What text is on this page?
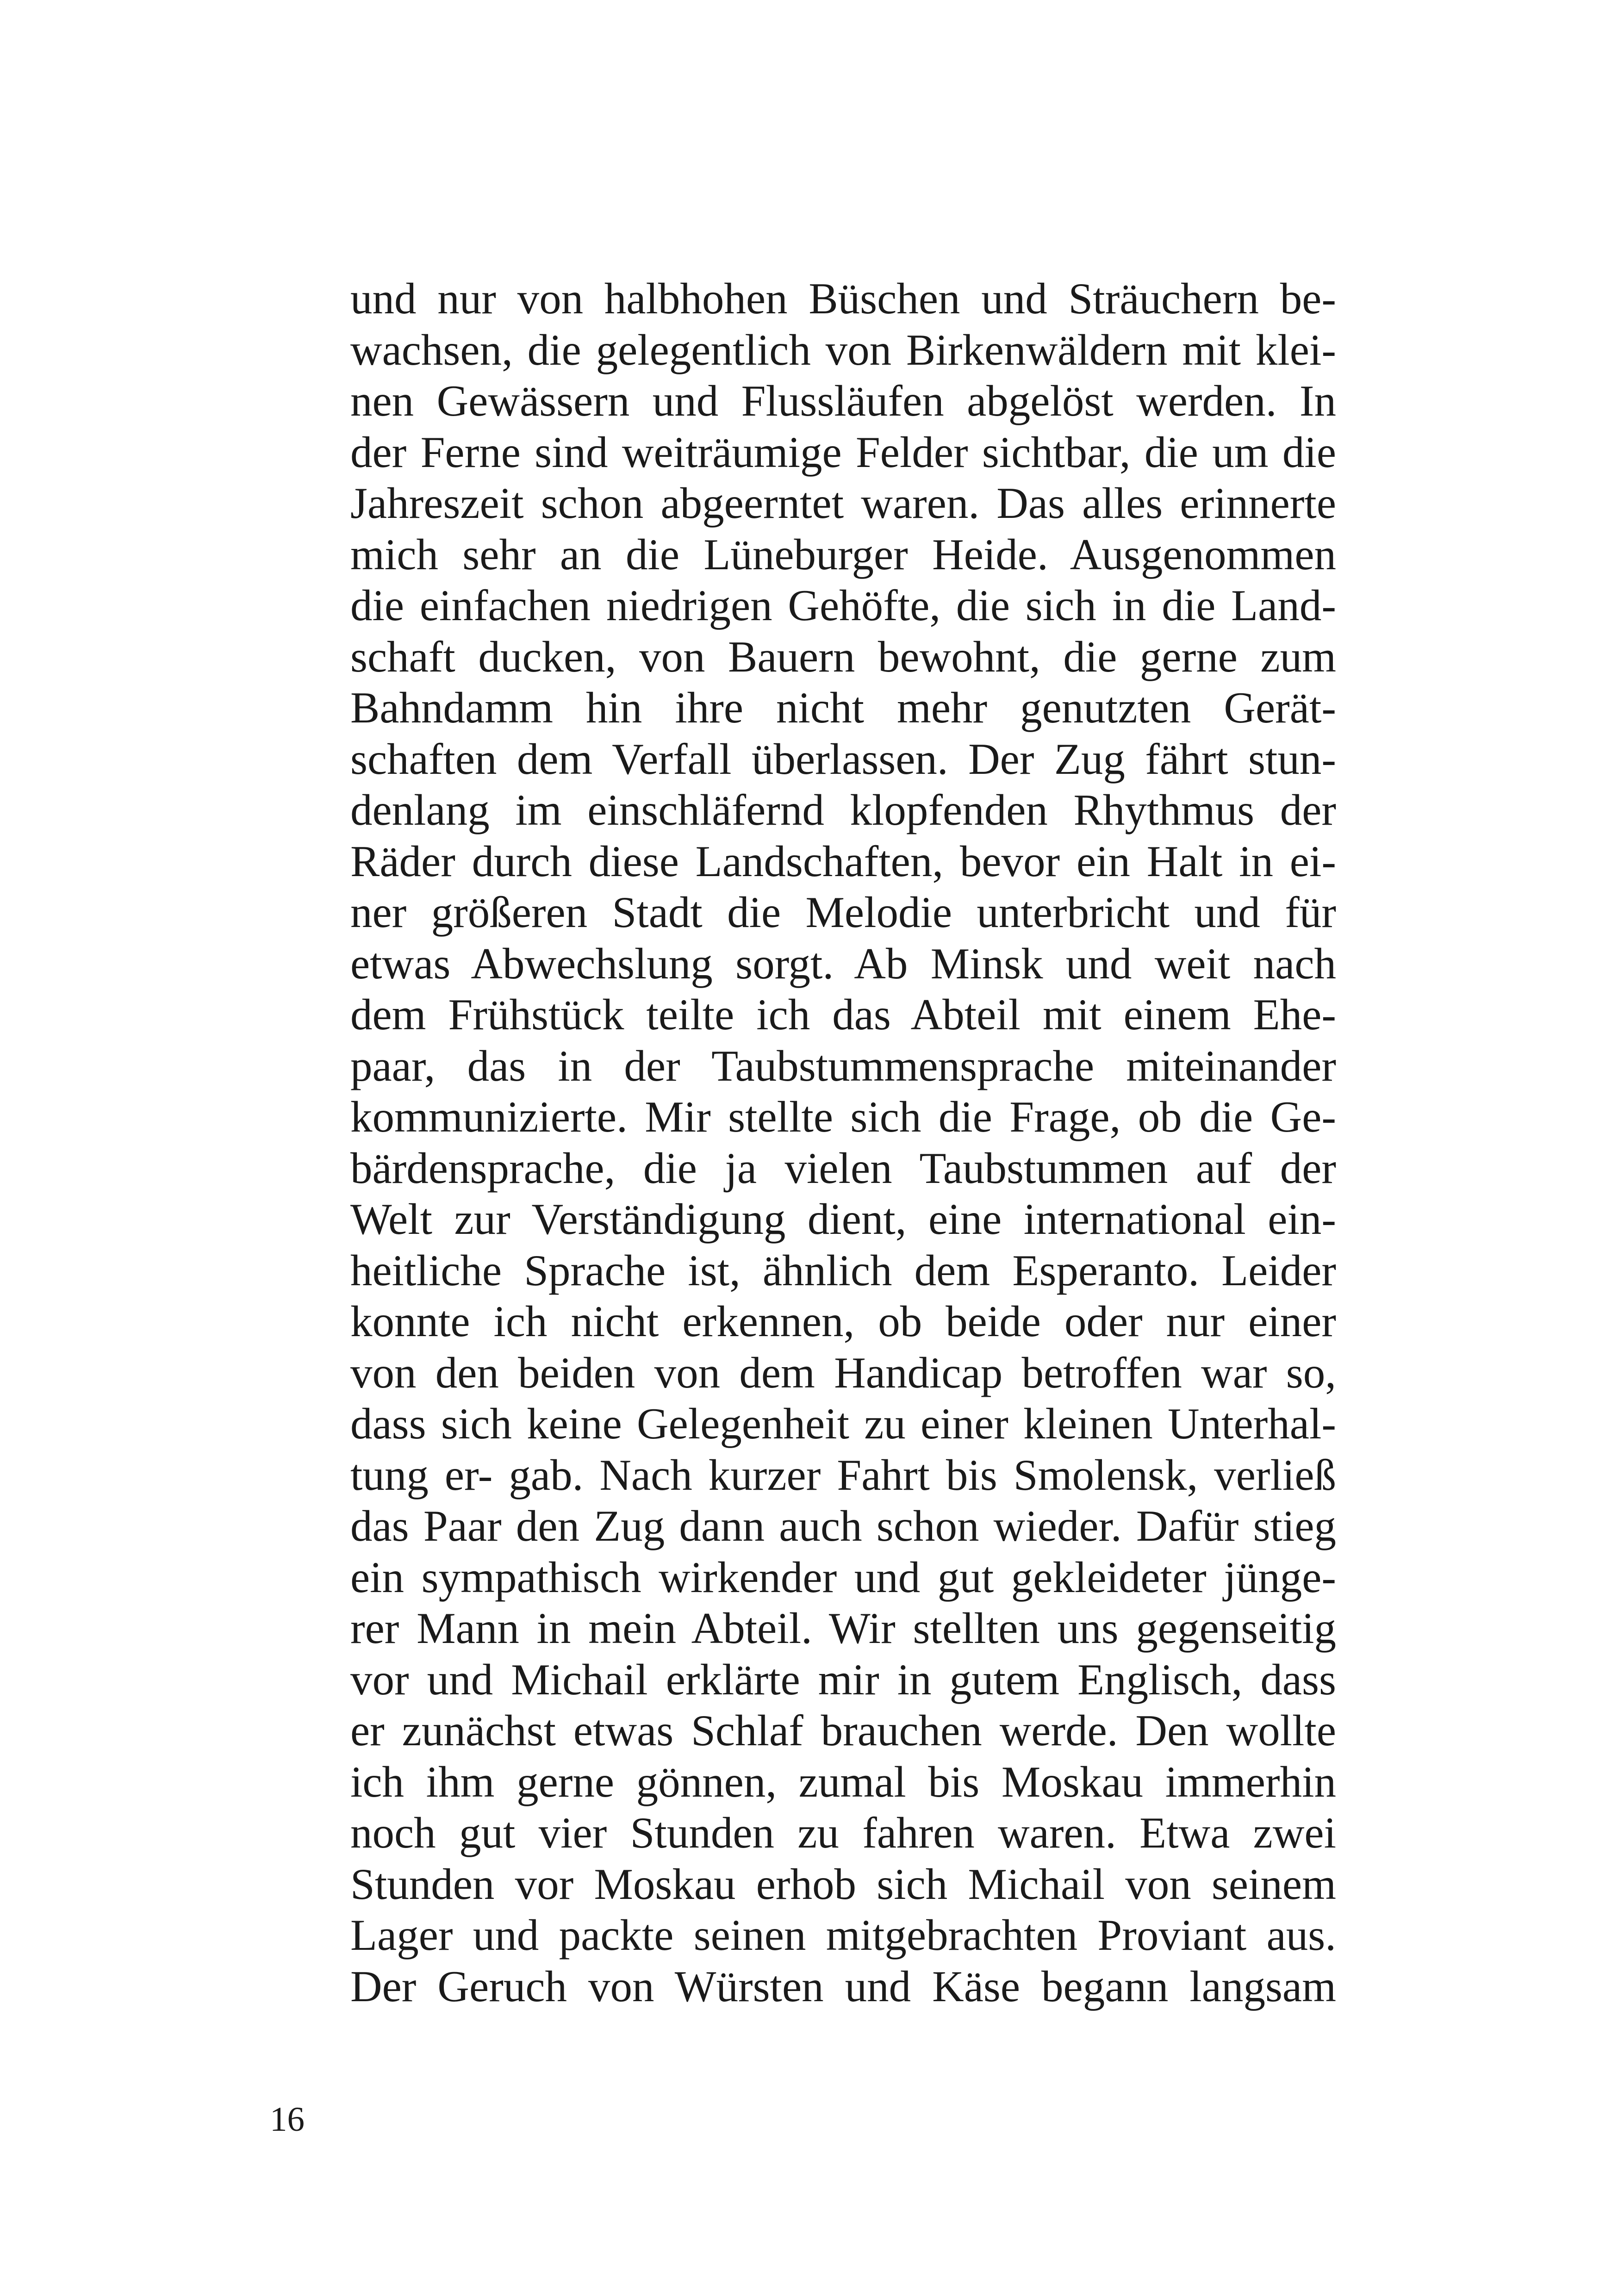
und nur von halbhohen Büschen und Sträuchern be-
wachsen, die gelegentlich von Birkenwäldern mit klei-
nen Gewässern und Flussläufen abgelöst werden. In
der Ferne sind weiträumige Felder sichtbar, die um die
Jahreszeit schon abgeerntet waren. Das alles erinnerte
mich sehr an die Lüneburger Heide. Ausgenommen
die einfachen niedrigen Gehöfte, die sich in die Land-
schaft ducken, von Bauern bewohnt, die gerne zum
Bahndamm hin ihre nicht mehr genutzten Gerät-
schaften dem Verfall überlassen. Der Zug fährt stun-
denlang im einschläfernd klopfenden Rhythmus der
Räder durch diese Landschaften, bevor ein Halt in ei-
ner größeren Stadt die Melodie unterbricht und für
etwas Abwechslung sorgt. Ab Minsk und weit nach
dem Frühstück teilte ich das Abteil mit einem Ehe-
paar, das in der Taubstummensprache miteinander
kommunizierte. Mir stellte sich die Frage, ob die Ge-
bärdensprache, die ja vielen Taubstummen auf der
Welt zur Verständigung dient, eine international ein-
heitliche Sprache ist, ähnlich dem Esperanto. Leider
konnte ich nicht erkennen, ob beide oder nur einer
von den beiden von dem Handicap betroffen war so,
dass sich keine Gelegenheit zu einer kleinen Unterhal-
tung er- gab. Nach kurzer Fahrt bis Smolensk, verließ
das Paar den Zug dann auch schon wieder. Dafür stieg
ein sympathisch wirkender und gut gekleideter jünge-
rer Mann in mein Abteil. Wir stellten uns gegenseitig
vor und Michail erklärte mir in gutem Englisch, dass
er zunächst etwas Schlaf brauchen werde. Den wollte
ich ihm gerne gönnen, zumal bis Moskau immerhin
noch gut vier Stunden zu fahren waren. Etwa zwei
Stunden vor Moskau erhob sich Michail von seinem
Lager und packte seinen mitgebrachten Proviant aus.
Der Geruch von Würsten und Käse begann langsam
16
